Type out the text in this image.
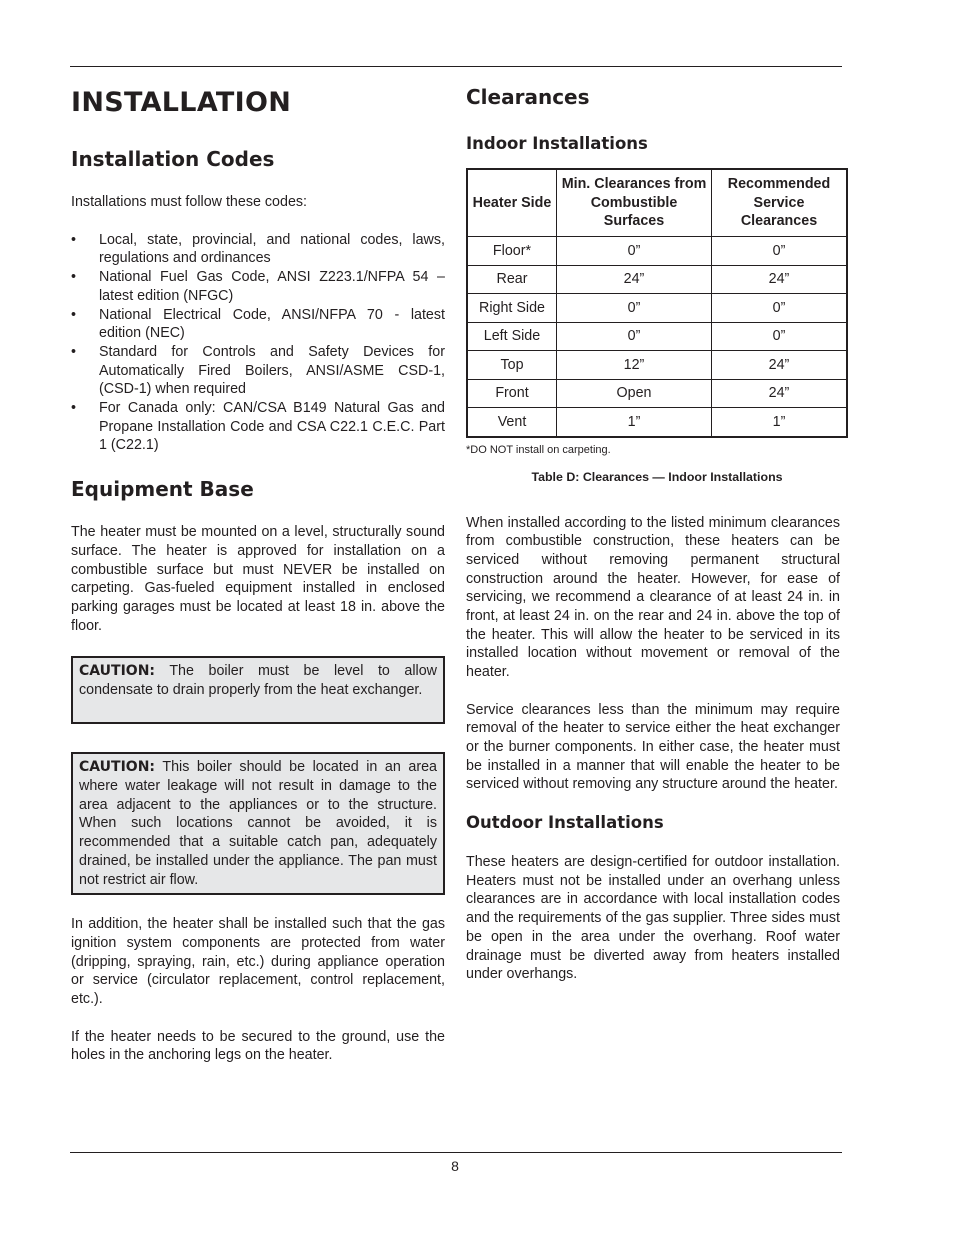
INSTALLATION
Installation Codes

Installations must follow these codes:

• Local, state, provincial, and national codes, laws, regulations and ordinances
• National Fuel Gas Code, ANSI Z223.1/NFPA 54 – latest edition (NFGC)
• National Electrical Code, ANSI/NFPA 70 - latest edition (NEC)
• Standard for Controls and Safety Devices for Automatically Fired Boilers, ANSI/ASME CSD-1, (CSD-1) when required
• For Canada only: CAN/CSA B149 Natural Gas and Propane Installation Code and CSA C22.1 C.E.C. Part 1 (C22.1)
Equipment Base

The heater must be mounted on a level, structurally sound surface. The heater is approved for installation on a combustible surface but must NEVER be installed on carpeting. Gas-fueled equipment installed in enclosed parking garages must be located at least 18 in. above the floor.

CAUTION: The boiler must be level to allow condensate to drain properly from the heat exchanger.

CAUTION: This boiler should be located in an area where water leakage will not result in damage to the area adjacent to the appliances or to the structure. When such locations cannot be avoided, it is recommended that a suitable catch pan, adequately drained, be installed under the appliance. The pan must not restrict air flow.

In addition, the heater shall be installed such that the gas ignition system components are protected from water (dripping, spraying, rain, etc.) during appliance operation or service (circulator replacement, control replacement, etc.).

If the heater needs to be secured to the ground, use the holes in the anchoring legs on the heater.

Clearances
Indoor Installations
Heater Side	Min. Clearances from Combustible Surfaces	Recommended Service Clearances
Floor*	0”	0”
Rear	24”	24”
Right Side	0”	0”
Left Side	0”	0”
Top	12”	24”
Front	Open	24”
Vent	1”	1”
*DO NOT install on carpeting.
Table D: Clearances — Indoor Installations

When installed according to the listed minimum clearances from combustible construction, these heaters can be serviced without removing permanent structural construction around the heater. However, for ease of servicing, we recommend a clearance of at least 24 in. in front, at least 24 in. on the rear and 24 in. above the top of the heater. This will allow the heater to be serviced in its installed location without movement or removal of the heater.

Service clearances less than the minimum may require removal of the heater to service either the heat exchanger or the burner components. In either case, the heater must be installed in a manner that will enable the heater to be serviced without removing any structure around the heater.

Outdoor Installations

These heaters are design-certified for outdoor installation. Heaters must not be installed under an overhang unless clearances are in accordance with local installation codes and the requirements of the gas supplier. Three sides must be open in the area under the overhang. Roof water drainage must be diverted away from heaters installed under overhangs.

8
